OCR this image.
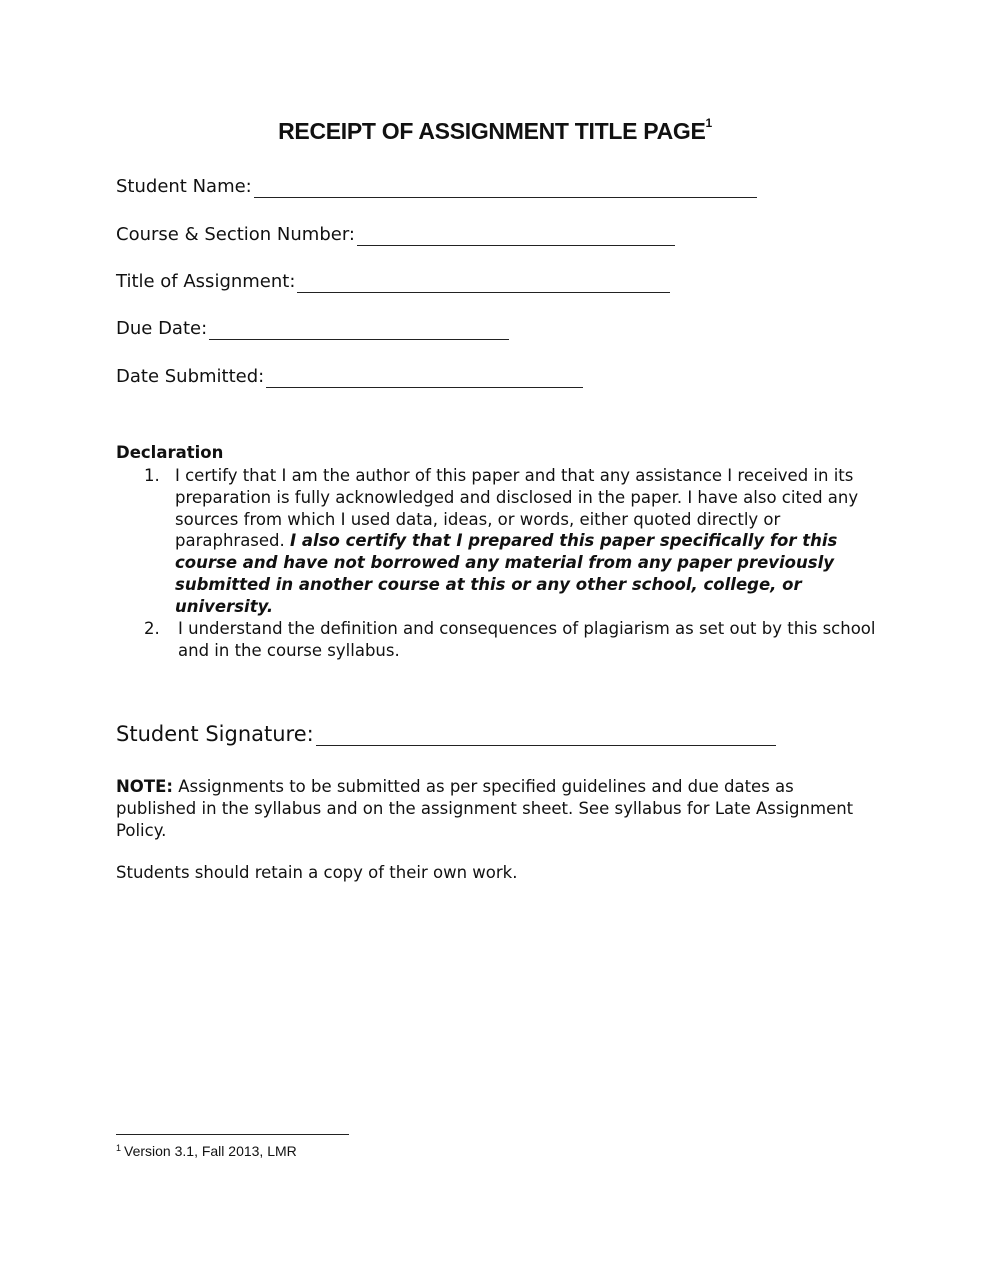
RECEIPT OF ASSIGNMENT TITLE PAGE$^1$
Student Name:
Course & Section Number:
Title of Assignment:
Due Date:
Date Submitted:
Declaration
1. I certify that I am the author of this paper and that any assistance I received in its preparation is fully acknowledged and disclosed in the paper. I have also cited any sources from which I used data, ideas, or words, either quoted directly or paraphrased. I also certify that I prepared this paper specifically for this course and have not borrowed any material from any paper previously submitted in another course at this or any other school, college, or university.
2. I understand the definition and consequences of plagiarism as set out by this school and in the course syllabus.
Student Signature:

NOTE: Assignments to be submitted as per specified guidelines and due dates as published in the syllabus and on the assignment sheet. See syllabus for Late Assignment Policy.

Students should retain a copy of their own work.

$^1$ Version 3.1, Fall 2013, LMR
